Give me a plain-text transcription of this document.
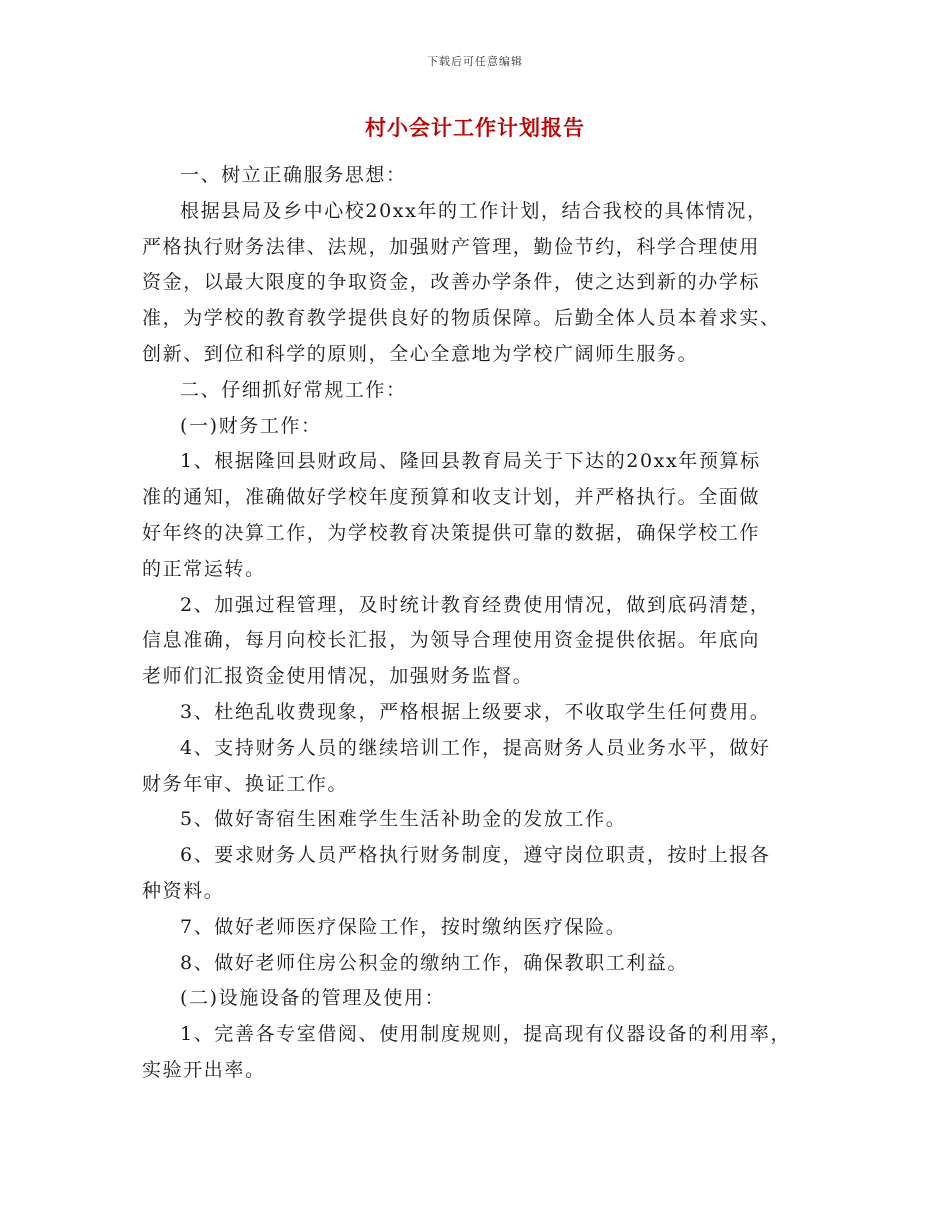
下载后可任意编辑
村小会计工作计划报告

一、树立正确服务思想：

根据县局及乡中心校20xx年的工作计划，结合我校的具体情况，
严格执行财务法律、法规，加强财产管理，勤俭节约，科学合理使用
资金，以最大限度的争取资金，改善办学条件，使之达到新的办学标
准，为学校的教育教学提供良好的物质保障。后勤全体人员本着求实、
创新、到位和科学的原则，全心全意地为学校广阔师生服务。

二、仔细抓好常规工作：

(一)财务工作：

1、根据隆回县财政局、隆回县教育局关于下达的20xx年预算标
准的通知，准确做好学校年度预算和收支计划，并严格执行。全面做
好年终的决算工作，为学校教育决策提供可靠的数据，确保学校工作
的正常运转。

2、加强过程管理，及时统计教育经费使用情况，做到底码清楚，
信息准确，每月向校长汇报，为领导合理使用资金提供依据。年底向
老师们汇报资金使用情况，加强财务监督。

3、杜绝乱收费现象，严格根据上级要求，不收取学生任何费用。

4、支持财务人员的继续培训工作，提高财务人员业务水平，做好
财务年审、换证工作。

5、做好寄宿生困难学生生活补助金的发放工作。

6、要求财务人员严格执行财务制度，遵守岗位职责，按时上报各
种资料。

7、做好老师医疗保险工作，按时缴纳医疗保险。

8、做好老师住房公积金的缴纳工作，确保教职工利益。

(二)设施设备的管理及使用：

1、完善各专室借阅、使用制度规则，提高现有仪器设备的利用率，
实验开出率。
